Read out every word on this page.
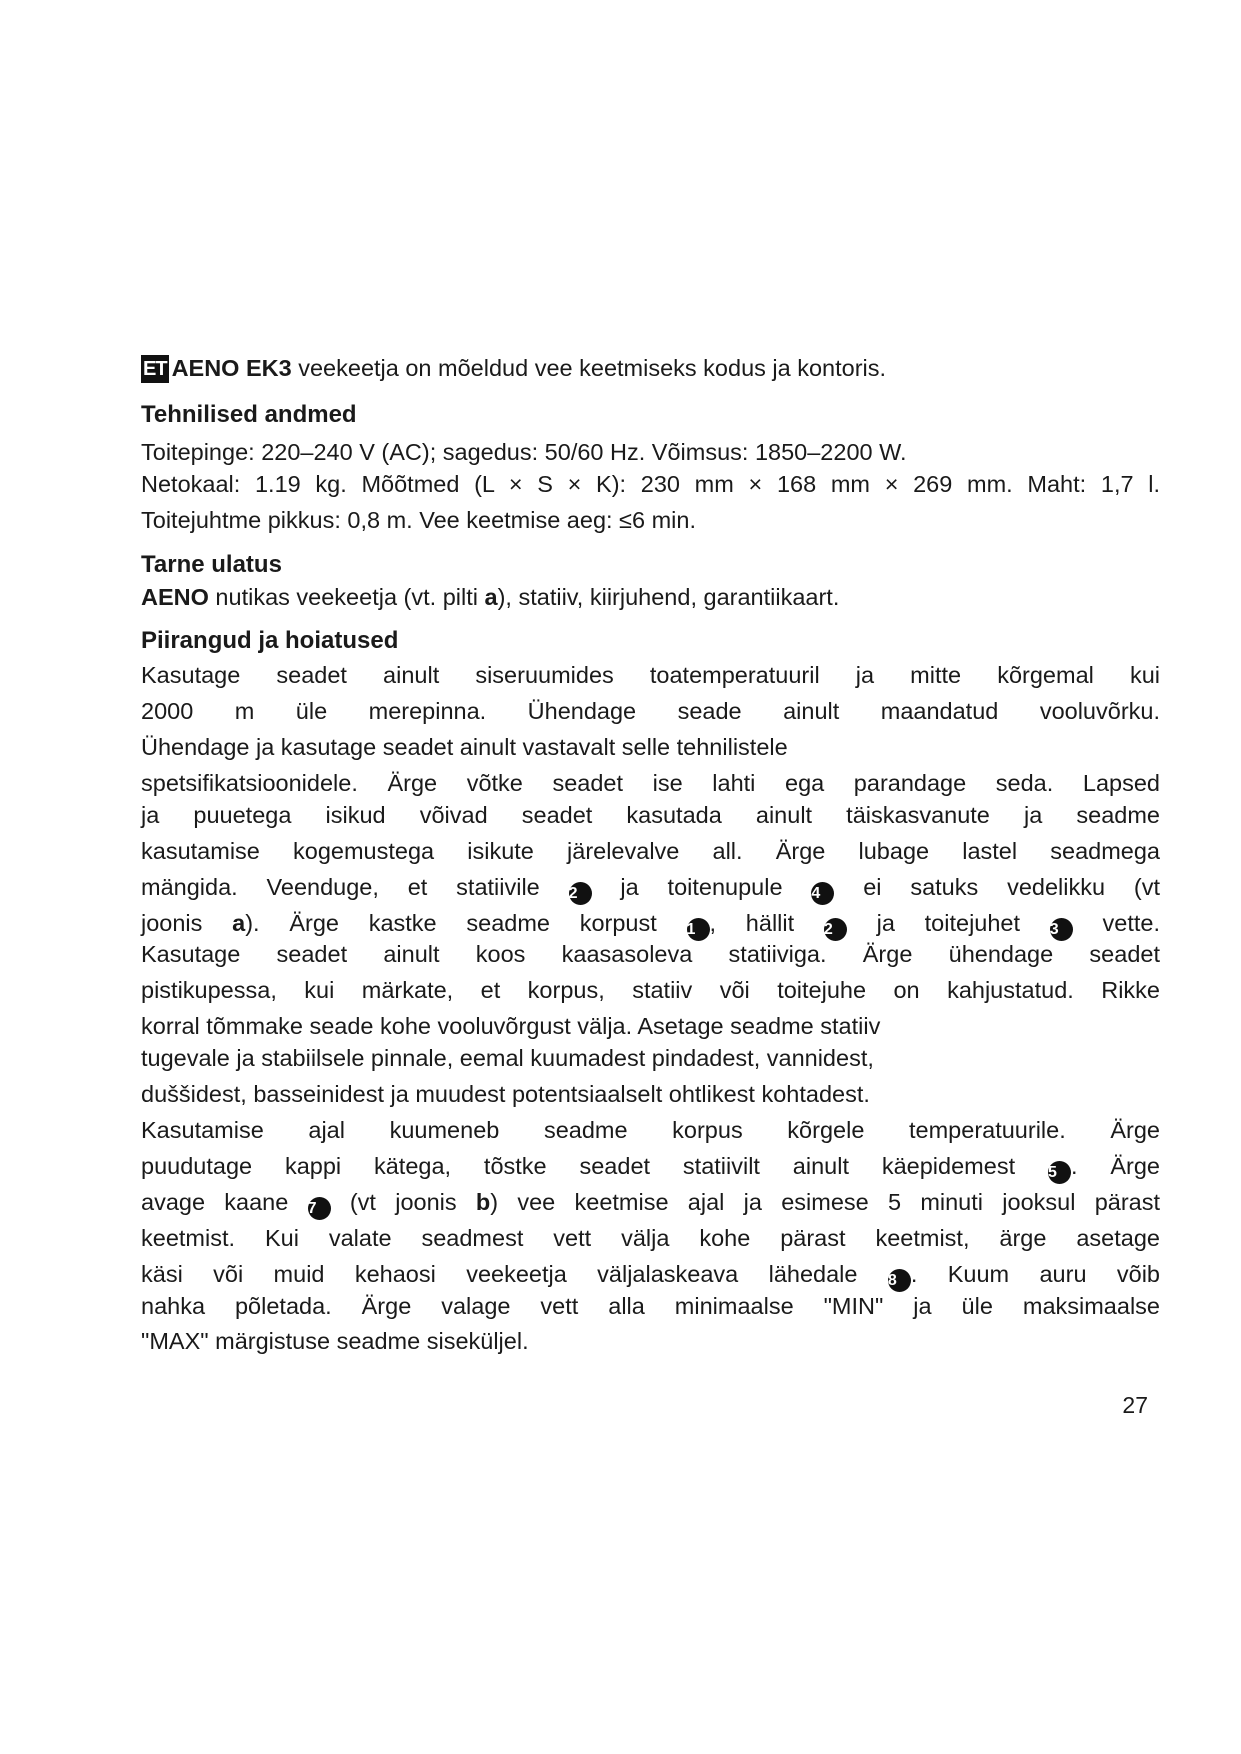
ET AENO EK3 veekeetja on mõeldud vee keetmiseks kodus ja kontoris.
Tehnilised andmed
Toitepinge: 220–240 V (AC); sagedus: 50/60 Hz. Võimsus: 1850–2200 W.
Netokaal: 1.19 kg. Mõõtmed (L × S × K): 230 mm × 168 mm × 269 mm. Maht: 1,7 l.
Toitejuhtme pikkus: 0,8 m. Vee keetmise aeg: ≤6 min.
Tarne ulatus
AENO nutikas veekeetja (vt. pilti a), statiiv, kiirjuhend, garantiikaart.
Piirangud ja hoiatused
Kasutage seadet ainult siseruumides toatemperatuuril ja mitte kõrgemal kui
2000 m üle merepinna. Ühendage seade ainult maandatud vooluvõrku.
Ühendage ja kasutage seadet ainult vastavalt selle tehnilistele
spetsifikatsioonidele. Ärge võtke seadet ise lahti ega parandage seda. Lapsed
ja puuetega isikud võivad seadet kasutada ainult täiskasvanute ja seadme
kasutamise kogemustega isikute järelevalve all. Ärge lubage lastel seadmega
mängida. Veenduge, et statiivile 2 ja toitenupule 4 ei satuks vedelikku (vt
joonis a). Ärge kastke seadme korpust 1 , hällit 2 ja toitejuhet 3 vette.
Kasutage seadet ainult koos kaasasoleva statiiviga. Ärge ühendage seadet
pistikupessa, kui märkate, et korpus, statiiv või toitejuhe on kahjustatud. Rikke
korral tõmmake seade kohe vooluvõrgust välja. Asetage seadme statiiv
tugevale ja stabiilsele pinnale, eemal kuumadest pindadest, vannidest,
duššidest, basseinidest ja muudest potentsiaalselt ohtlikest kohtadest.
Kasutamise ajal kuumeneb seadme korpus kõrgele temperatuurile. Ärge
puudutage kappi kätega, tõstke seadet statiivilt ainult käepidemest 5 . Ärge
avage kaane 7 (vt joonis b) vee keetmise ajal ja esimese 5 minuti jooksul pärast
keetmist. Kui valate seadmest vett välja kohe pärast keetmist, ärge asetage
käsi või muid kehaosi veekeetja väljalaskeava lähedale 8 . Kuum auru võib
nahka põletada. Ärge valage vett alla minimaalse "MIN" ja üle maksimaalse
"MAX" märgistuse seadme siseküljel.
27
